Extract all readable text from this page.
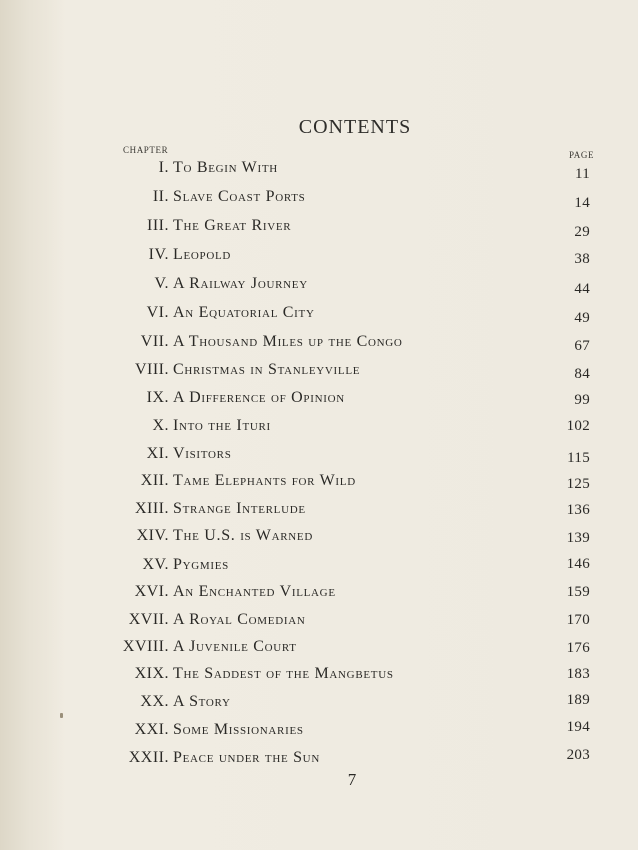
CONTENTS
CHAPTER	PAGE
I. To Begin With	11
II. Slave Coast Ports	14
III. The Great River	29
IV. Leopold	38
V. A Railway Journey	44
VI. An Equatorial City	49
VII. A Thousand Miles up the Congo	67
VIII. Christmas in Stanleyville	84
IX. A Difference of Opinion	99
X. Into the Ituri	102
XI. Visitors	115
XII. Tame Elephants for Wild	125
XIII. Strange Interlude	136
XIV. The U.S. is Warned	139
XV. Pygmies	146
XVI. An Enchanted Village	159
XVII. A Royal Comedian	170
XVIII. A Juvenile Court	176
XIX. The Saddest of the Mangbetus	183
XX. A Story	189
XXI. Some Missionaries	194
XXII. Peace under the Sun	203
7
